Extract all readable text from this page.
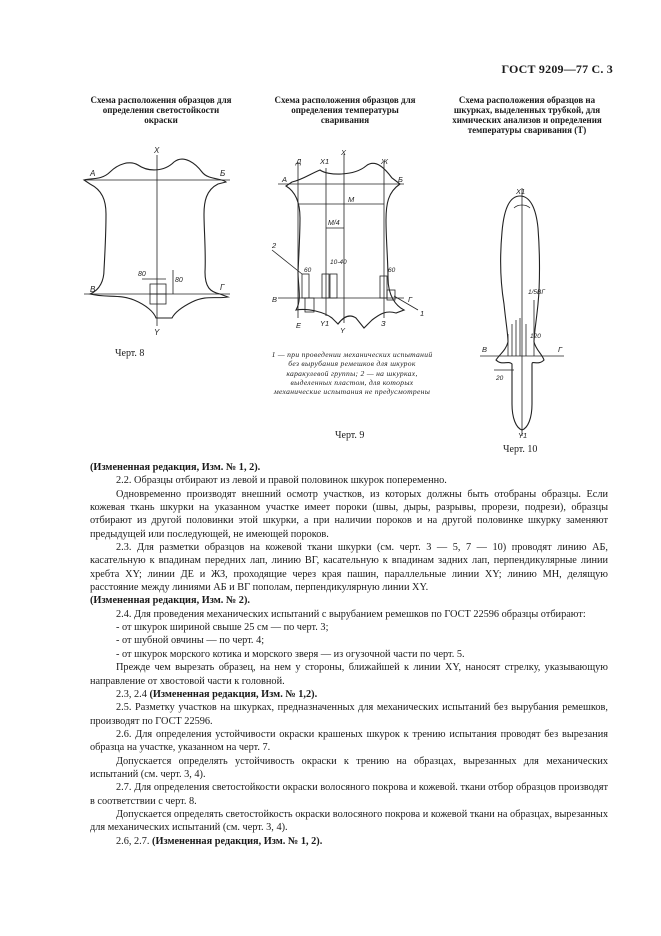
ГОСТ 9209—77 С. 3
Схема расположения образцов для определения светостойкости окраски
X
А	Б
В	Г
Y
80
80
Черт. 8
Схема расположения образцов для определения температуры сваривания
Д X1
X
Ж
А	Б
М
М/4
2
1
60
10-40
60
В	Г
Е	Y1
Y
З
1 — при проведении механических испытаний без вырубания ремешков для шкурок каракулевой группы; 2 — на шкурках, выделенных пластом, для которых механические испытания не предусмотрены
Черт. 9
Схема расположения образцов на шкурках, выделенных трубкой, для химических анализов и определения температуры сваривания (Т)
X1
1/5ВГ
120
В	Г
20
Y1
Черт. 10

(Измененная редакция, Изм. № 1, 2).

2.2. Образцы отбирают из левой и правой половинок шкурок попеременно.

Одновременно производят внешний осмотр участков, из которых должны быть отобраны образцы. Если кожевая ткань шкурки на указанном участке имеет пороки (швы, дыры, разрывы, прорези, подрези), образцы отбирают из другой половинки этой шкурки, а при наличии пороков и на другой половинке шкурку заменяют предыдущей или последующей, не имеющей пороков.

2.3. Для разметки образцов на кожевой ткани шкурки (см. черт. 3 — 5, 7 — 10) проводят линию АБ, касательную к впадинам передних лап, линию ВГ, касательную к впадинам задних лап, перпендикулярные линии хребта XY; линии ДЕ и ЖЗ, проходящие через края пашин, параллельные линии XY; линию МН, делящую расстояние между линиями АБ и ВГ пополам, перпендикулярную линии XY.

(Измененная редакция, Изм. № 2).

2.4. Для проведения механических испытаний с вырубанием ремешков по ГОСТ 22596 образцы отбирают:

- от шкурок шириной свыше 25 см — по черт. 3;

- от шубной овчины — по черт. 4;

- от шкурок морского котика и морского зверя — из огузочной части по черт. 5.

Прежде чем вырезать образец, на нем у стороны, ближайшей к линии XY, наносят стрелку, указывающую направление от хвостовой части к головной.

2.3, 2.4 (Измененная редакция, Изм. № 1,2).

2.5. Разметку участков на шкурках, предназначенных для механических испытаний без вырубания ремешков, производят по ГОСТ 22596.

2.6. Для определения устойчивости окраски крашеных шкурок к трению испытания проводят без вырезания образца на участке, указанном на черт. 7.

Допускается определять устойчивость окраски к трению на образцах, вырезанных для механических испытаний (см. черт. 3, 4).

2.7. Для определения светостойкости окраски волосяного покрова и кожевой. ткани отбор образцов производят в соответствии с черт. 8.

Допускается определять светостойкость окраски волосяного покрова и кожевой ткани на образцах, вырезанных для механических испытаний (см. черт. 3, 4).

2.6, 2.7. (Измененная редакция, Изм. № 1, 2).
